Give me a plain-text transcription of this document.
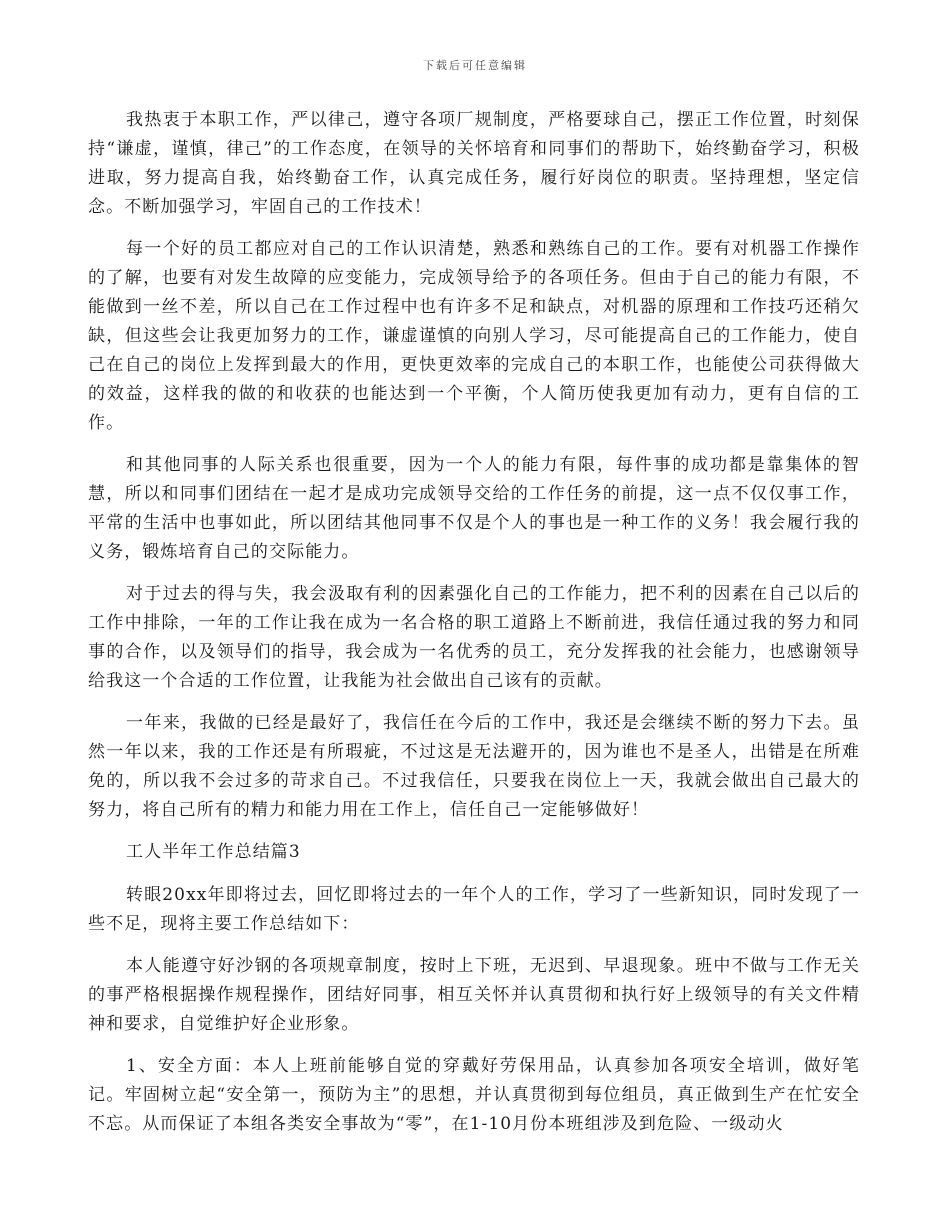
下载后可任意编辑

我热衷于本职工作，严以律己，遵守各项厂规制度，严格要球自己，摆正工作位置，时刻保持“谦虚，谨慎，律己”的工作态度，在领导的关怀培育和同事们的帮助下，始终勤奋学习，积极进取，努力提高自我，始终勤奋工作，认真完成任务，履行好岗位的职责。坚持理想，坚定信念。不断加强学习，牢固自己的工作技术！

每一个好的员工都应对自己的工作认识清楚，熟悉和熟练自己的工作。要有对机器工作操作的了解，也要有对发生故障的应变能力，完成领导给予的各项任务。但由于自己的能力有限，不能做到一丝不差，所以自己在工作过程中也有许多不足和缺点，对机器的原理和工作技巧还稍欠缺，但这些会让我更加努力的工作，谦虚谨慎的向别人学习，尽可能提高自己的工作能力，使自己在自己的岗位上发挥到最大的作用，更快更效率的完成自己的本职工作，也能使公司获得做大的效益，这样我的做的和收获的也能达到一个平衡，个人简历使我更加有动力，更有自信的工作。

和其他同事的人际关系也很重要，因为一个人的能力有限，每件事的成功都是靠集体的智慧，所以和同事们团结在一起才是成功完成领导交给的工作任务的前提，这一点不仅仅事工作，平常的生活中也事如此，所以团结其他同事不仅是个人的事也是一种工作的义务！我会履行我的义务，锻炼培育自己的交际能力。

对于过去的得与失，我会汲取有利的因素强化自己的工作能力，把不利的因素在自己以后的工作中排除，一年的工作让我在成为一名合格的职工道路上不断前进，我信任通过我的努力和同事的合作，以及领导们的指导，我会成为一名优秀的员工，充分发挥我的社会能力，也感谢领导给我这一个合适的工作位置，让我能为社会做出自己该有的贡献。

一年来，我做的已经是最好了，我信任在今后的工作中，我还是会继续不断的努力下去。虽然一年以来，我的工作还是有所瑕疵，不过这是无法避开的，因为谁也不是圣人，出错是在所难免的，所以我不会过多的苛求自己。不过我信任，只要我在岗位上一天，我就会做出自己最大的努力，将自己所有的精力和能力用在工作上，信任自己一定能够做好！

工人半年工作总结篇3

转眼20xx年即将过去，回忆即将过去的一年个人的工作，学习了一些新知识，同时发现了一些不足，现将主要工作总结如下：

本人能遵守好沙钢的各项规章制度，按时上下班，无迟到、早退现象。班中不做与工作无关的事严格根据操作规程操作，团结好同事，相互关怀并认真贯彻和执行好上级领导的有关文件精神和要求，自觉维护好企业形象。

1、安全方面：本人上班前能够自觉的穿戴好劳保用品，认真参加各项安全培训，做好笔记。牢固树立起“安全第一，预防为主”的思想，并认真贯彻到每位组员，真正做到生产在忙安全不忘。从而保证了本组各类安全事故为“零”，在1-10月份本班组涉及到危险、一级动火
